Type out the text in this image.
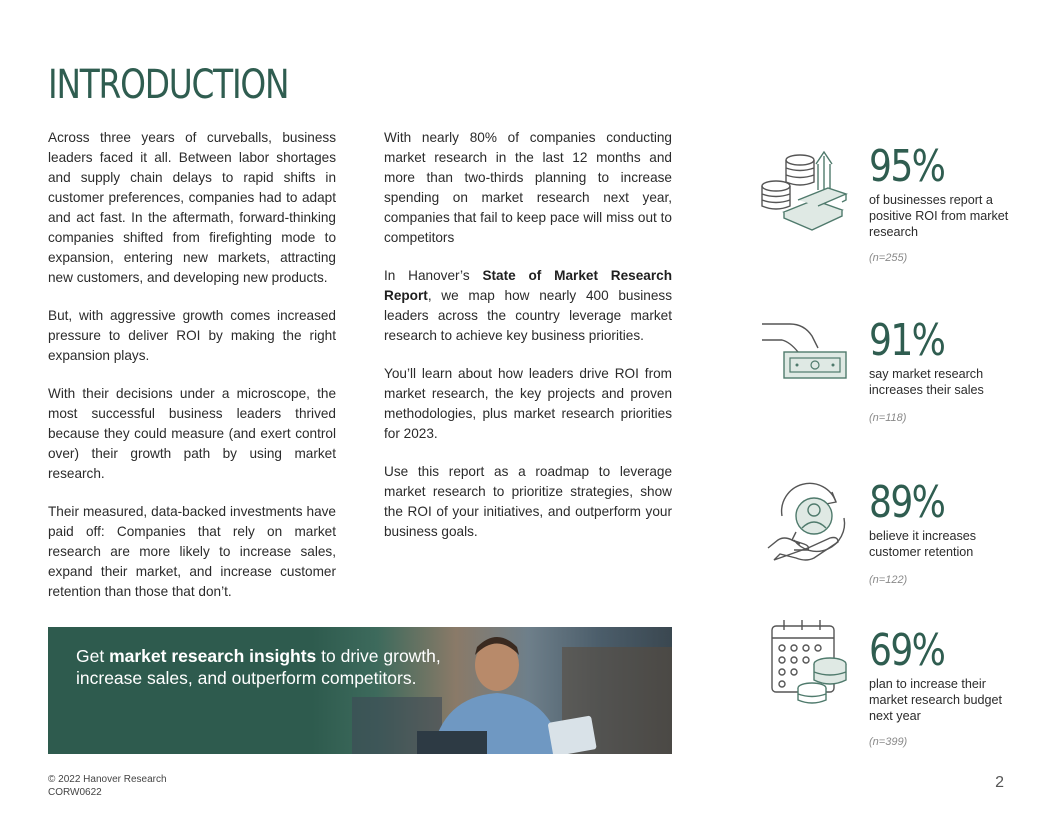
INTRODUCTION

Across three years of curveballs, business leaders faced it all. Between labor shortages and supply chain delays to rapid shifts in customer preferences, companies had to adapt and act fast. In the aftermath, forward-thinking companies shifted from firefighting mode to expansion, entering new markets, attracting new customers, and developing new products.

But, with aggressive growth comes increased pressure to deliver ROI by making the right expansion plays.

With their decisions under a microscope, the most successful business leaders thrived because they could measure (and exert control over) their growth path by using market research.

Their measured, data-backed investments have paid off: Companies that rely on market research are more likely to increase sales, expand their market, and increase customer retention than those that don’t.

With nearly 80% of companies conducting market research in the last 12 months and more than two-thirds planning to increase spending on market research next year, companies that fail to keep pace will miss out to competitors

In Hanover’s State of Market Research Report, we map how nearly 400 business leaders across the country leverage market research to achieve key business priorities.

You’ll learn about how leaders drive ROI from market research, the key projects and proven methodologies, plus market research priorities for 2023.

Use this report as a roadmap to leverage market research to prioritize strategies, show the ROI of your initiatives, and outperform your business goals.

Get market research insights to drive growth, increase sales, and outperform competitors.
95%
of businesses report a positive ROI from market research
(n=255)
91%
say market research increases their sales
(n=118)
89%
believe it increases customer retention
(n=122)
69%
plan to increase their market research budget next year
(n=399)
© 2022 Hanover Research
CORW0622
2
